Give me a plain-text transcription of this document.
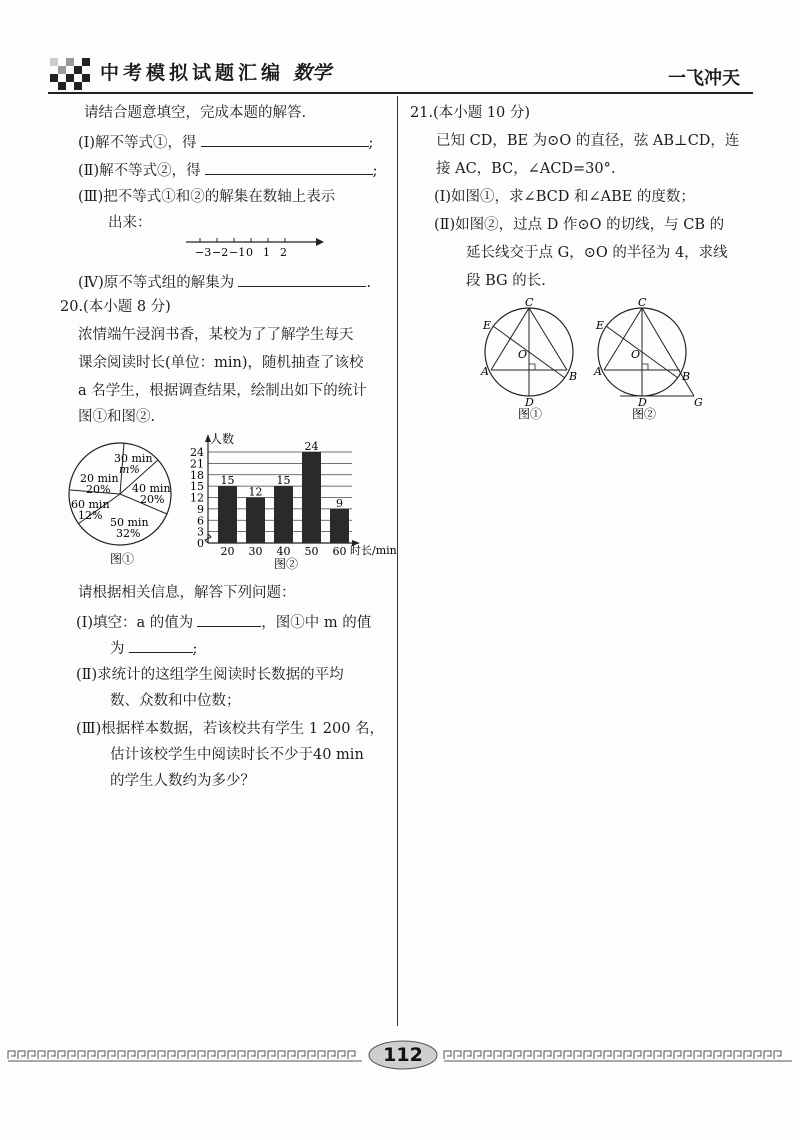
中考模拟试题汇编 数学	一飞冲天
请结合题意填空，完成本题的解答.
(Ⅰ)解不等式①，得	;
(Ⅱ)解不等式②，得	;
(Ⅲ)把不等式①和②的解集在数轴上表示
出来：
−3 −2 −1 0 1 2
(Ⅳ)原不等式组的解集为	.
20.(本小题 8 分)
浓情端午浸润书香，某校为了了解学生每天
课余阅读时长(单位：min)，随机抽查了该校
a 名学生，根据调查结果，绘制出如下的统计
图①和图②.
30 min
m%
40 min
20%
50 min
32%
60 min
12%
20 min
20%
图①
0
3
6
9
12
15
18
21
24
15
12
15
24
9
20 30 40 50 60
人数
时长/min
图②
请根据相关信息，解答下列问题：
(Ⅰ)填空：a 的值为	，图①中 m 的值
为	;
(Ⅱ)求统计的这组学生阅读时长数据的平均
数、众数和中位数；
(Ⅲ)根据样本数据，若该校共有学生 1 200 名，
估计该校学生中阅读时长不少于40 min
的学生人数约为多少？
21.(本小题 10 分)
已知 CD，BE 为⊙O 的直径，弦 AB⊥CD，连
接 AC，BC，∠ACD=30°.
(Ⅰ)如图①，求∠BCD 和∠ABE 的度数；
(Ⅱ)如图②，过点 D 作⊙O 的切线，与 CB 的
延长线交于点 G，⊙O 的半径为 4，求线
段 BG 的长.
C
E
O
A	B
D
图①
C
E
O
A	B
D	G
图②
112
